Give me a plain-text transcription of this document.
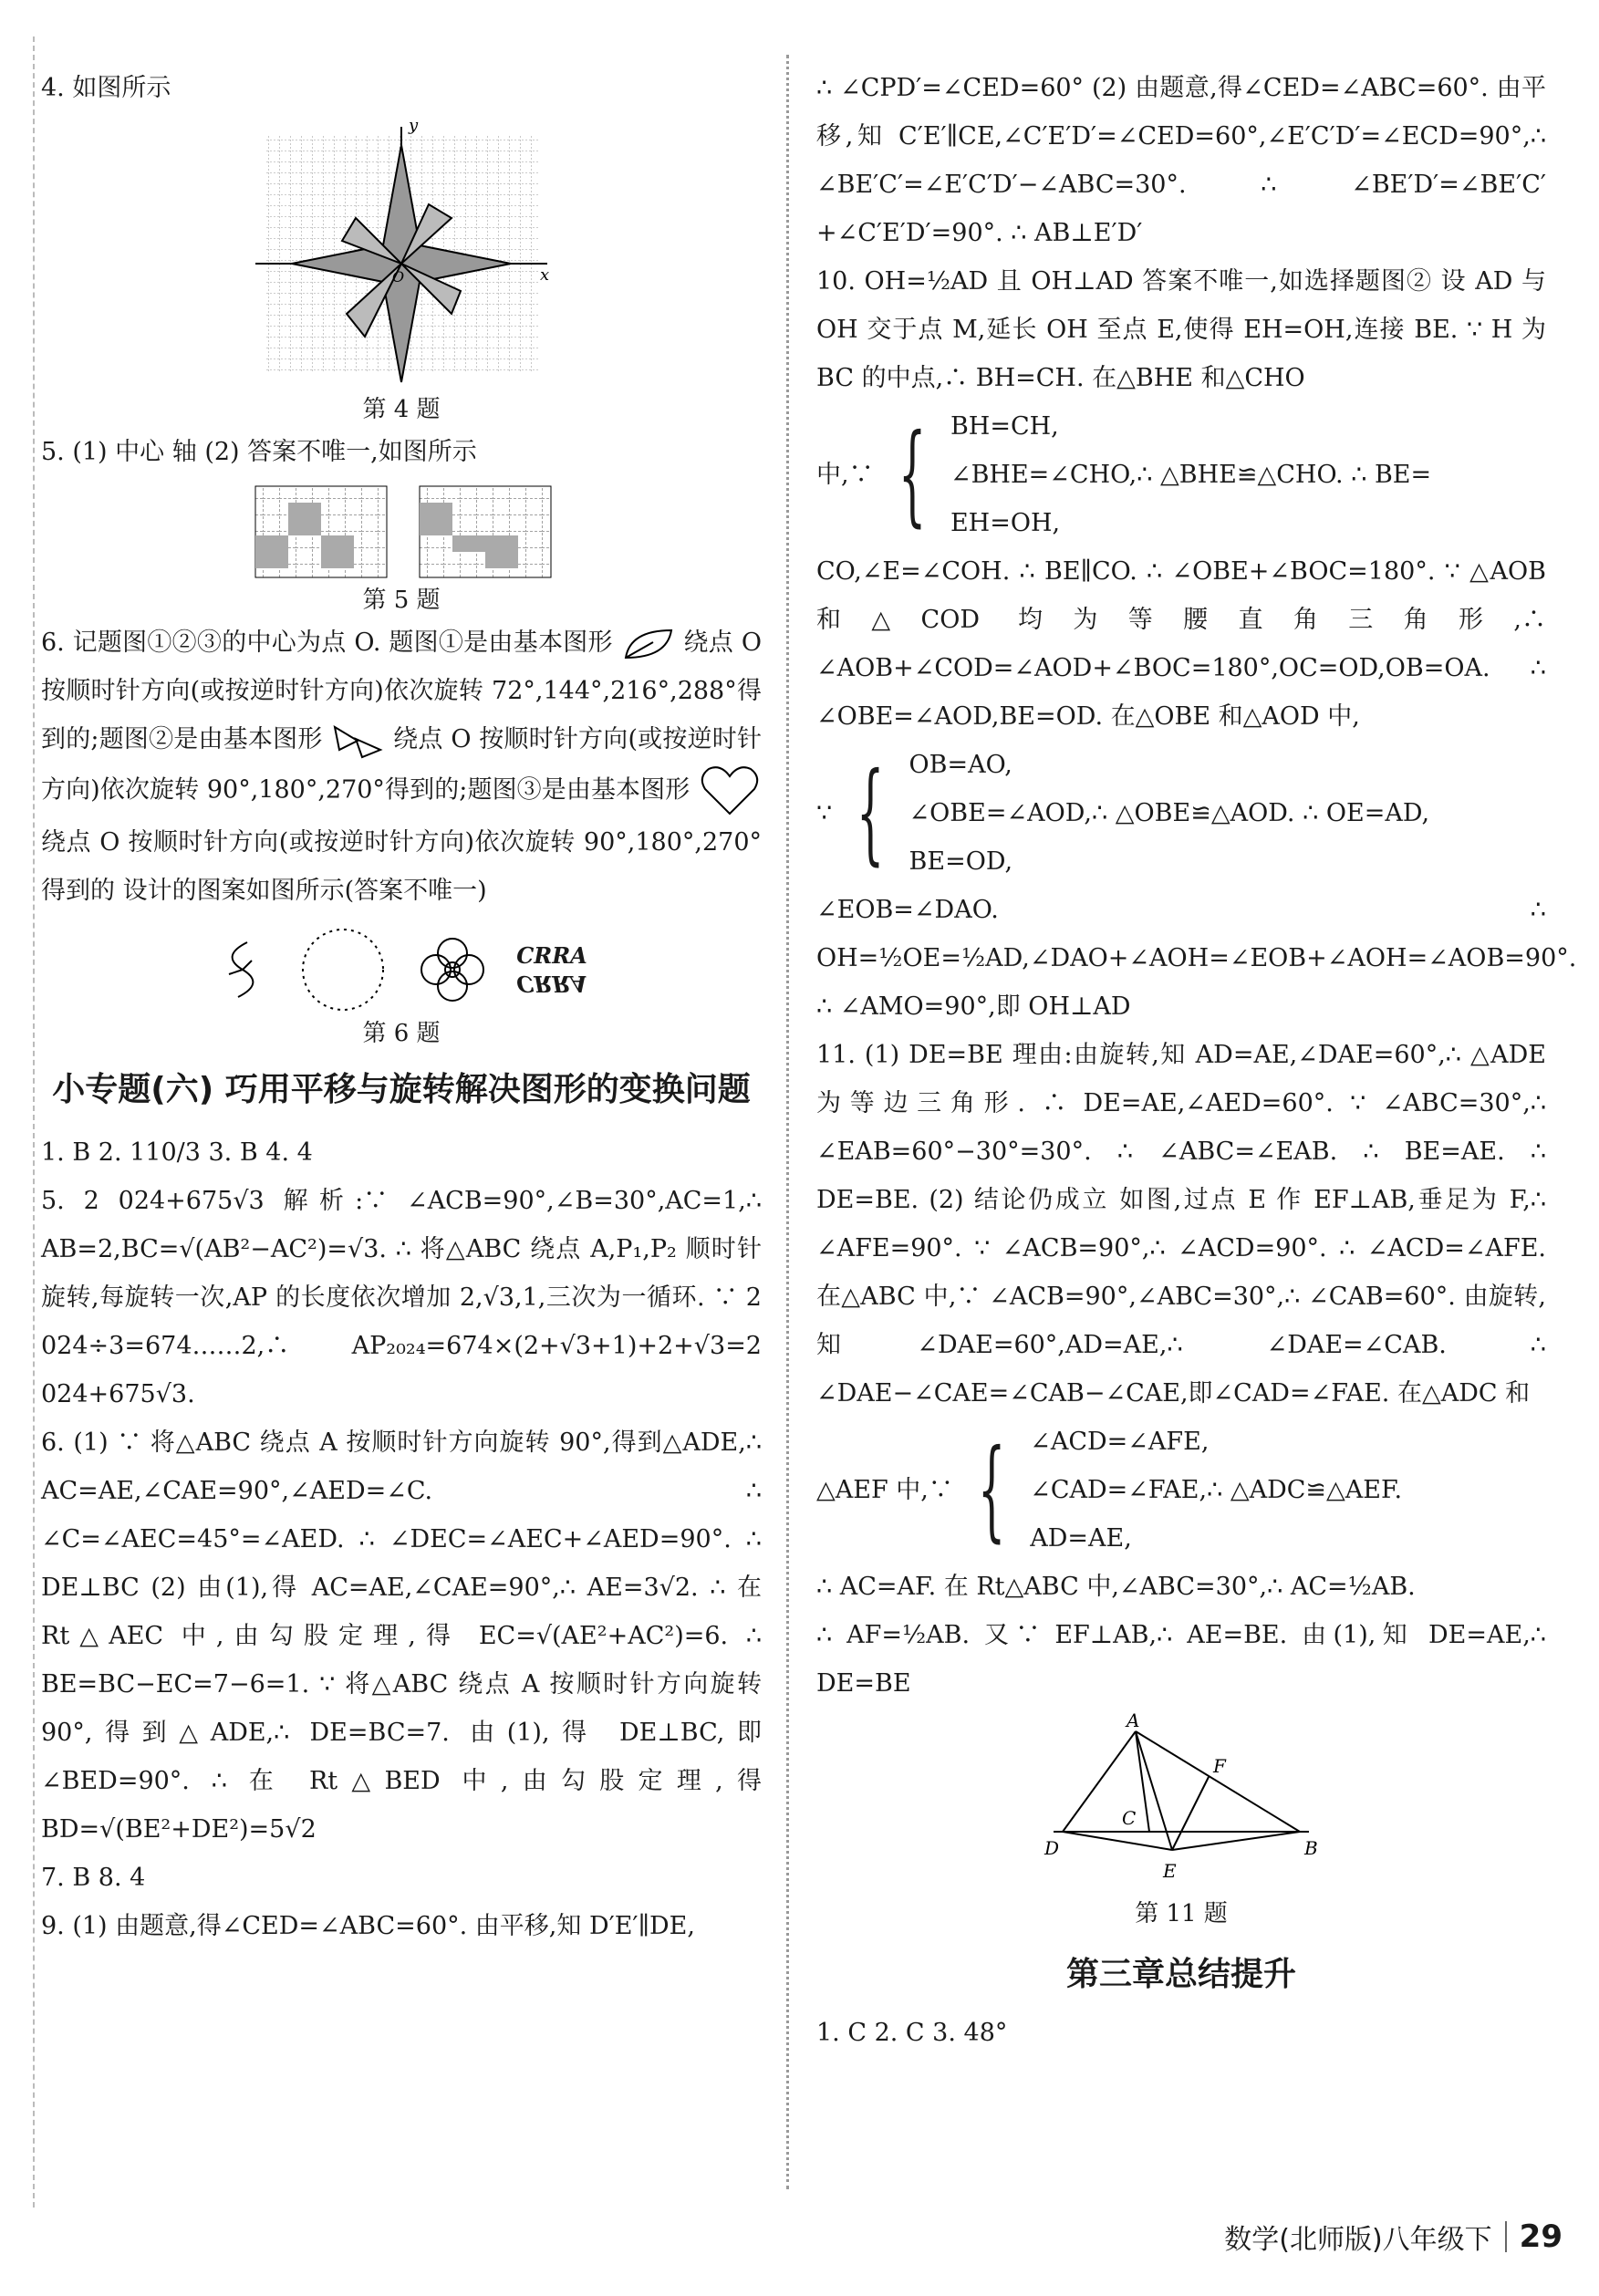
4. 如图所示

y
x
O

第 4 题

5. (1) 中心 轴 (2) 答案不唯一,如图所示

第 5 题

6. 记题图①②③的中心为点 O. 题图①是由基本图形	绕点 O 按顺时针方向(或按逆时针方向)依次旋转 72°,144°,216°,288°得到的;题图②是由基本图形	绕点 O 按顺时针方向(或按逆时针方向)依次旋转 90°,180°,270°得到的;题图③是由基本图形  绕点 O 按顺时针方向(或按逆时针方向)依次旋转 90°,180°,270°得到的 设计的图案如图所示(答案不唯一)

CRRA
CRRA

第 6 题

小专题(六) 巧用平移与旋转解决图形的变换问题

1. B 2. 110/3 3. B 4. 4

5. 2 024+675√3 解析:∵ ∠ACB=90°,∠B=30°,AC=1,∴ AB=2,BC=√(AB²−AC²)=√3. ∴ 将△ABC 绕点 A,P₁,P₂ 顺时针旋转,每旋转一次,AP 的长度依次增加 2,√3,1,三次为一循环. ∵ 2 024÷3=674……2,∴ AP₂₀₂₄=674×(2+√3+1)+2+√3=2 024+675√3.

6. (1) ∵ 将△ABC 绕点 A 按顺时针方向旋转 90°,得到△ADE,∴ AC=AE,∠CAE=90°,∠AED=∠C. ∴ ∠C=∠AEC=45°=∠AED. ∴ ∠DEC=∠AEC+∠AED=90°. ∴ DE⊥BC (2) 由(1),得 AC=AE,∠CAE=90°,∴ AE=3√2. ∴ 在 Rt△AEC 中,由勾股定理,得 EC=√(AE²+AC²)=6. ∴ BE=BC−EC=7−6=1. ∵ 将△ABC 绕点 A 按顺时针方向旋转 90°,得到△ADE,∴ DE=BC=7. 由(1),得 DE⊥BC,即∠BED=90°. ∴ 在 Rt△BED 中,由勾股定理,得 BD=√(BE²+DE²)=5√2

7. B 8. 4

9. (1) 由题意,得∠CED=∠ABC=60°. 由平移,知 D′E′∥DE,

∴ ∠CPD′=∠CED=60° (2) 由题意,得∠CED=∠ABC=60°. 由平移,知 C′E′∥CE,∠C′E′D′=∠CED=60°,∠E′C′D′=∠ECD=90°,∴ ∠BE′C′=∠E′C′D′−∠ABC=30°. ∴ ∠BE′D′=∠BE′C′+∠C′E′D′=90°. ∴ AB⊥E′D′

10. OH=½AD 且 OH⊥AD 答案不唯一,如选择题图② 设 AD 与 OH 交于点 M,延长 OH 至点 E,使得 EH=OH,连接 BE. ∵ H 为 BC 的中点,∴ BH=CH. 在△BHE 和△CHO

中,∵ { BH=CH,
∠BHE=∠CHO,∴ △BHE≌△CHO. ∴ BE=
EH=OH,

CO,∠E=∠COH. ∴ BE∥CO. ∴ ∠OBE+∠BOC=180°. ∵ △AOB 和△COD 均为等腰直角三角形,∴ ∠AOB+∠COD=∠AOD+∠BOC=180°,OC=OD,OB=OA. ∴ ∠OBE=∠AOD,BE=OD. 在△OBE 和△AOD 中,

∵ { OB=AO,
∠OBE=∠AOD,∴ △OBE≌△AOD. ∴ OE=AD,
BE=OD,

∠EOB=∠DAO. ∴ OH=½OE=½AD,∠DAO+∠AOH=∠EOB+∠AOH=∠AOB=90°. ∴ ∠AMO=90°,即 OH⊥AD

11. (1) DE=BE 理由:由旋转,知 AD=AE,∠DAE=60°,∴ △ADE 为等边三角形. ∴ DE=AE,∠AED=60°. ∵ ∠ABC=30°,∴ ∠EAB=60°−30°=30°. ∴ ∠ABC=∠EAB. ∴ BE=AE. ∴ DE=BE. (2) 结论仍成立 如图,过点 E 作 EF⊥AB,垂足为 F,∴ ∠AFE=90°. ∵ ∠ACB=90°,∴ ∠ACD=90°. ∴ ∠ACD=∠AFE. 在△ABC 中,∵ ∠ACB=90°,∠ABC=30°,∴ ∠CAB=60°. 由旋转,知∠DAE=60°,AD=AE,∴ ∠DAE=∠CAB. ∴ ∠DAE−∠CAE=∠CAB−∠CAE,即∠CAD=∠FAE. 在△ADC 和

△AEF 中,∵ { ∠ACD=∠AFE,
∠CAD=∠FAE,∴ △ADC≌△AEF.
AD=AE,

∴ AC=AF. 在 Rt△ABC 中,∠ABC=30°,∴ AC=½AB.

∴ AF=½AB. 又∵ EF⊥AB,∴ AE=BE. 由(1),知 DE=AE,∴ DE=BE

A
D	B
C
E
F

第 11 题

第三章总结提升

1. C 2. C 3. 48°

数学(北师版)八年级下 29
